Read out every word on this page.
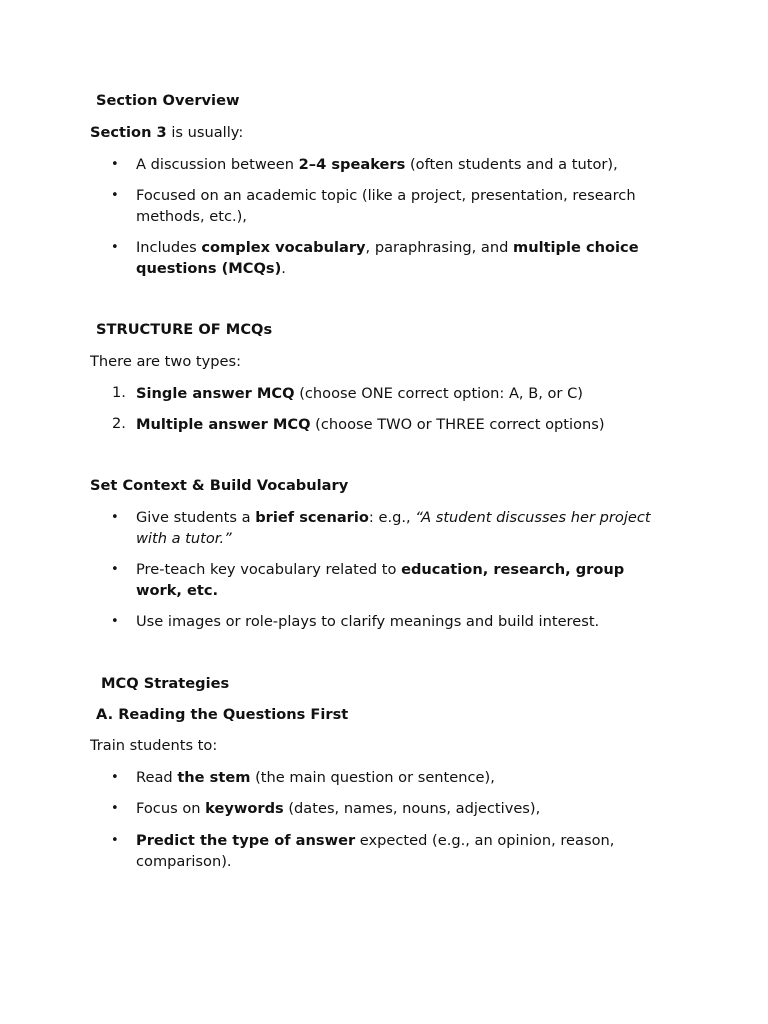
Section Overview
Section 3 is usually:
• A discussion between 2–4 speakers (often students and a tutor),
• Focused on an academic topic (like a project, presentation, research methods, etc.),
• Includes complex vocabulary, paraphrasing, and multiple choice questions (MCQs).
STRUCTURE OF MCQs
There are two types:
1. Single answer MCQ (choose ONE correct option: A, B, or C)
2. Multiple answer MCQ (choose TWO or THREE correct options)
Set Context & Build Vocabulary
• Give students a brief scenario: e.g., “A student discusses her project with a tutor.”
• Pre-teach key vocabulary related to education, research, group work, etc.
• Use images or role-plays to clarify meanings and build interest.
MCQ Strategies
A. Reading the Questions First
Train students to:
• Read the stem (the main question or sentence),
• Focus on keywords (dates, names, nouns, adjectives),
• Predict the type of answer expected (e.g., an opinion, reason, comparison).
